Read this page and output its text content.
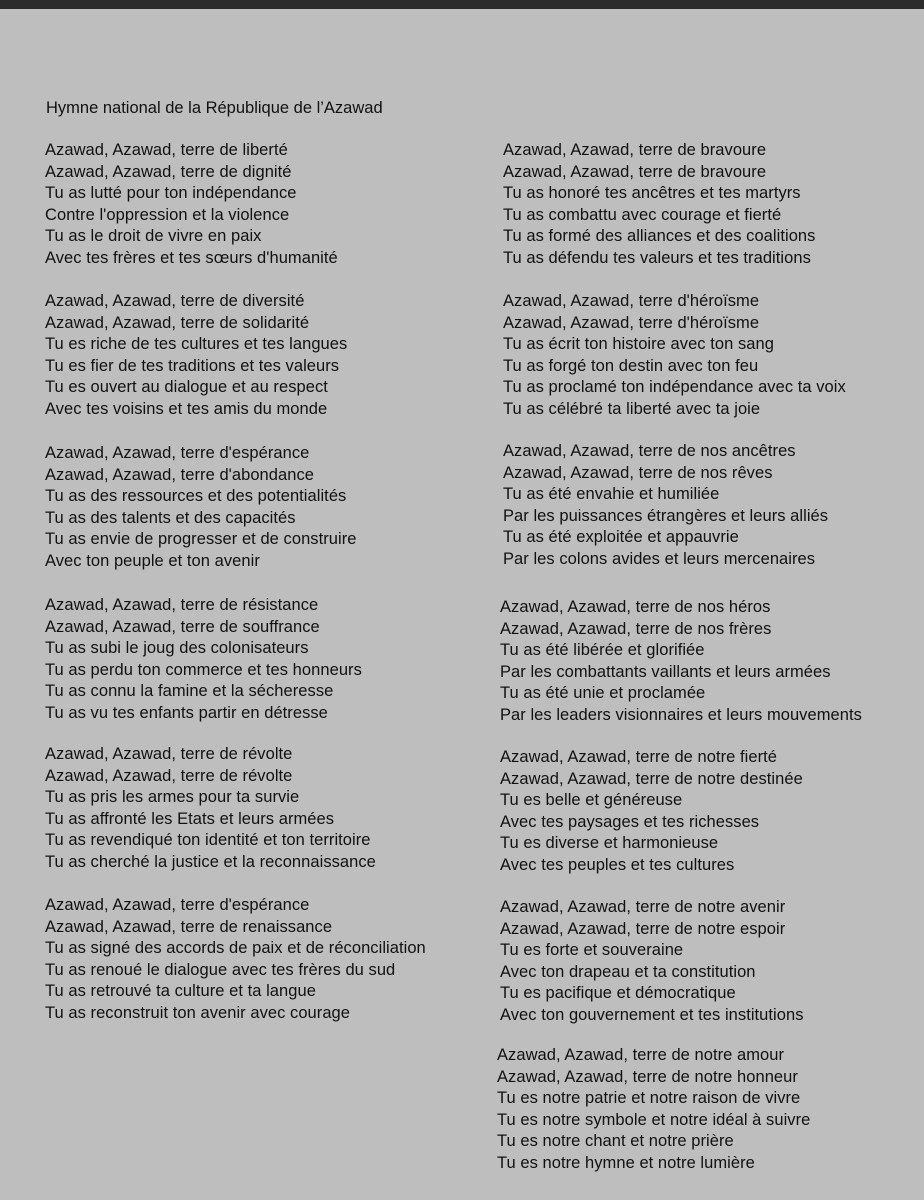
Hymne national de la République de l’Azawad
Azawad, Azawad, terre de liberté
Azawad, Azawad, terre de dignité
Tu as lutté pour ton indépendance
Contre l'oppression et la violence
Tu as le droit de vivre en paix
Avec tes frères et tes sœurs d'humanité
Azawad, Azawad, terre de diversité
Azawad, Azawad, terre de solidarité
Tu es riche de tes cultures et tes langues
Tu es fier de tes traditions et tes valeurs
Tu es ouvert au dialogue et au respect
Avec tes voisins et tes amis du monde
Azawad, Azawad, terre d'espérance
Azawad, Azawad, terre d'abondance
Tu as des ressources et des potentialités
Tu as des talents et des capacités
Tu as envie de progresser et de construire
Avec ton peuple et ton avenir
Azawad, Azawad, terre de résistance
Azawad, Azawad, terre de souffrance
Tu as subi le joug des colonisateurs
Tu as perdu ton commerce et tes honneurs
Tu as connu la famine et la sécheresse
Tu as vu tes enfants partir en détresse
Azawad, Azawad, terre de révolte
Azawad, Azawad, terre de révolte
Tu as pris les armes pour ta survie
Tu as affronté les Etats et leurs armées
Tu as revendiqué ton identité et ton territoire
Tu as cherché la justice et la reconnaissance
Azawad, Azawad, terre d'espérance
Azawad, Azawad, terre de renaissance
Tu as signé des accords de paix et de réconciliation
Tu as renoué le dialogue avec tes frères du sud
Tu as retrouvé ta culture et ta langue
Tu as reconstruit ton avenir avec courage
Azawad, Azawad, terre de bravoure
Azawad, Azawad, terre de bravoure
Tu as honoré tes ancêtres et tes martyrs
Tu as combattu avec courage et fierté
Tu as formé des alliances et des coalitions
Tu as défendu tes valeurs et tes traditions
Azawad, Azawad, terre d'héroïsme
Azawad, Azawad, terre d'héroïsme
Tu as écrit ton histoire avec ton sang
Tu as forgé ton destin avec ton feu
Tu as proclamé ton indépendance avec ta voix
Tu as célébré ta liberté avec ta joie
Azawad, Azawad, terre de nos ancêtres
Azawad, Azawad, terre de nos rêves
Tu as été envahie et humiliée
Par les puissances étrangères et leurs alliés
Tu as été exploitée et appauvrie
Par les colons avides et leurs mercenaires
Azawad, Azawad, terre de nos héros
Azawad, Azawad, terre de nos frères
Tu as été libérée et glorifiée
Par les combattants vaillants et leurs armées
Tu as été unie et proclamée
Par les leaders visionnaires et leurs mouvements
Azawad, Azawad, terre de notre fierté
Azawad, Azawad, terre de notre destinée
Tu es belle et généreuse
Avec tes paysages et tes richesses
Tu es diverse et harmonieuse
Avec tes peuples et tes cultures
Azawad, Azawad, terre de notre avenir
Azawad, Azawad, terre de notre espoir
Tu es forte et souveraine
Avec ton drapeau et ta constitution
Tu es pacifique et démocratique
Avec ton gouvernement et tes institutions
Azawad, Azawad, terre de notre amour
Azawad, Azawad, terre de notre honneur
Tu es notre patrie et notre raison de vivre
Tu es notre symbole et notre idéal à suivre
Tu es notre chant et notre prière
Tu es notre hymne et notre lumière
